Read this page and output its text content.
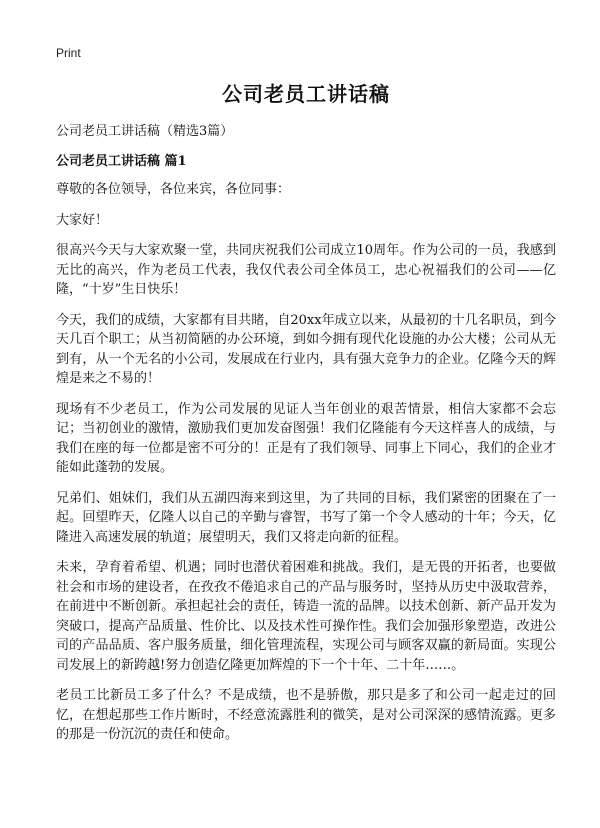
Print
公司老员工讲话稿
公司老员工讲话稿（精选3篇）
公司老员工讲话稿 篇1

尊敬的各位领导，各位来宾，各位同事：

大家好！

很高兴今天与大家欢聚一堂，共同庆祝我们公司成立10周年。作为公司的一员，我感到无比的高兴，作为老员工代表，我仅代表公司全体员工，忠心祝福我们的公司——亿隆，“十岁”生日快乐！

今天，我们的成绩，大家都有目共睹，自20xx年成立以来，从最初的十几名职员，到今天几百个职工；从当初简陋的办公环境，到如今拥有现代化设施的办公大楼；公司从无到有，从一个无名的小公司，发展成在行业内，具有强大竞争力的企业。亿隆今天的辉煌是来之不易的！

现场有不少老员工，作为公司发展的见证人当年创业的艰苦情景，相信大家都不会忘记；当初创业的激情，激励我们更加发奋图强！我们亿隆能有今天这样喜人的成绩，与我们在座的每一位都是密不可分的！正是有了我们领导、同事上下同心，我们的企业才能如此蓬勃的发展。

兄弟们、姐妹们，我们从五湖四海来到这里，为了共同的目标，我们紧密的团聚在了一起。回望昨天，亿隆人以自己的辛勤与睿智，书写了第一个令人感动的十年；今天，亿隆进入高速发展的轨道；展望明天，我们又将走向新的征程。

未来，孕育着希望、机遇；同时也潜伏着困难和挑战。我们，是无畏的开拓者，也要做社会和市场的建设者，在孜孜不倦追求自己的产品与服务时，坚持从历史中汲取营养，在前进中不断创新。承担起社会的责任，铸造一流的品牌。以技术创新、新产品开发为突破口，提高产品质量、性价比、以及技术性可操作性。我们会加强形象塑造，改进公司的产品品质、客户服务质量，细化管理流程，实现公司与顾客双赢的新局面。实现公司发展上的新跨越!努力创造亿隆更加辉煌的下一个十年、二十年……。

老员工比新员工多了什么？不是成绩，也不是骄傲，那只是多了和公司一起走过的回忆，在想起那些工作片断时，不经意流露胜利的微笑，是对公司深深的感情流露。更多的那是一份沉沉的责任和使命。
